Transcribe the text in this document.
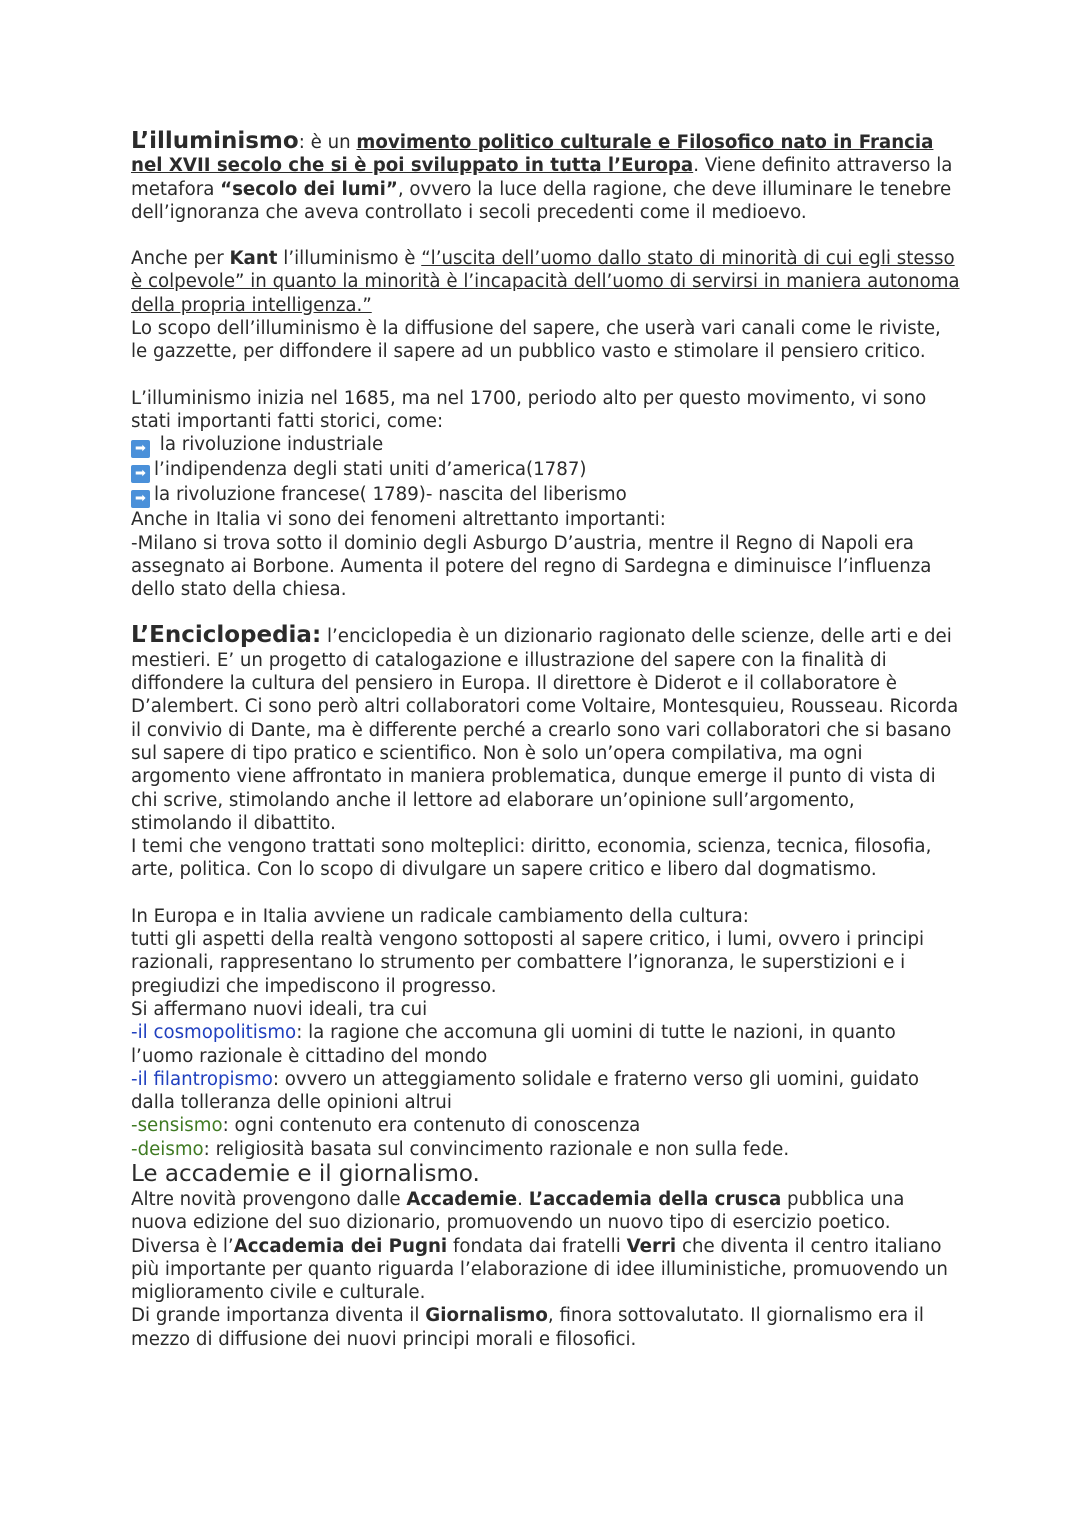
L’illuminismo: è un movimento politico culturale e Filosofico nato in Francia nel XVII secolo che si è poi sviluppato in tutta l’Europa. Viene definito attraverso la metafora “secolo dei lumi”, ovvero la luce della ragione, che deve illuminare le tenebre dell’ignoranza che aveva controllato i secoli precedenti come il medioevo.

Anche per Kant l’illuminismo è “l’uscita dell’uomo dallo stato di minorità di cui egli stesso è colpevole” in quanto la minorità è l’incapacità dell’uomo di servirsi in maniera autonoma della propria intelligenza.”

Lo scopo dell’illuminismo è la diffusione del sapere, che userà vari canali come le riviste, le gazzette, per diffondere il sapere ad un pubblico vasto e stimolare il pensiero critico.

L’illuminismo inizia nel 1685, ma nel 1700, periodo alto per questo movimento, vi sono stati importanti fatti storici, come:

➡ la rivoluzione industriale

➡ l’indipendenza degli stati uniti d’america(1787)

➡ la rivoluzione francese( 1789)- nascita del liberismo

Anche in Italia vi sono dei fenomeni altrettanto importanti:

-Milano si trova sotto il dominio degli Asburgo D’austria, mentre il Regno di Napoli era assegnato ai Borbone. Aumenta il potere del regno di Sardegna e diminuisce l’influenza dello stato della chiesa.

L’Enciclopedia: l’enciclopedia è un dizionario ragionato delle scienze, delle arti e dei mestieri. E’ un progetto di catalogazione e illustrazione del sapere con la finalità di diffondere la cultura del pensiero in Europa. Il direttore è Diderot e il collaboratore è D’alembert. Ci sono però altri collaboratori come Voltaire, Montesquieu, Rousseau. Ricorda il convivio di Dante, ma è differente perché a crearlo sono vari collaboratori che si basano sul sapere di tipo pratico e scientifico. Non è solo un’opera compilativa, ma ogni argomento viene affrontato in maniera problematica, dunque emerge il punto di vista di chi scrive, stimolando anche il lettore ad elaborare un’opinione sull’argomento, stimolando il dibattito.

I temi che vengono trattati sono molteplici: diritto, economia, scienza, tecnica, filosofia, arte, politica. Con lo scopo di divulgare un sapere critico e libero dal dogmatismo.

In Europa e in Italia avviene un radicale cambiamento della cultura:

tutti gli aspetti della realtà vengono sottoposti al sapere critico, i lumi, ovvero i principi razionali, rappresentano lo strumento per combattere l’ignoranza, le superstizioni e i pregiudizi che impediscono il progresso.

Si affermano nuovi ideali, tra cui

-il cosmopolitismo: la ragione che accomuna gli uomini di tutte le nazioni, in quanto l’uomo razionale è cittadino del mondo

-il filantropismo: ovvero un atteggiamento solidale e fraterno verso gli uomini, guidato dalla tolleranza delle opinioni altrui

-sensismo: ogni contenuto era contenuto di conoscenza

-deismo: religiosità basata sul convincimento razionale e non sulla fede.

Le accademie e il giornalismo.

Altre novità provengono dalle Accademie. L’accademia della crusca pubblica una nuova edizione del suo dizionario, promuovendo un nuovo tipo di esercizio poetico. Diversa è l’Accademia dei Pugni fondata dai fratelli Verri che diventa il centro italiano più importante per quanto riguarda l’elaborazione di idee illuministiche, promuovendo un miglioramento civile e culturale.

Di grande importanza diventa il Giornalismo, finora sottovalutato. Il giornalismo era il mezzo di diffusione dei nuovi principi morali e filosofici.
